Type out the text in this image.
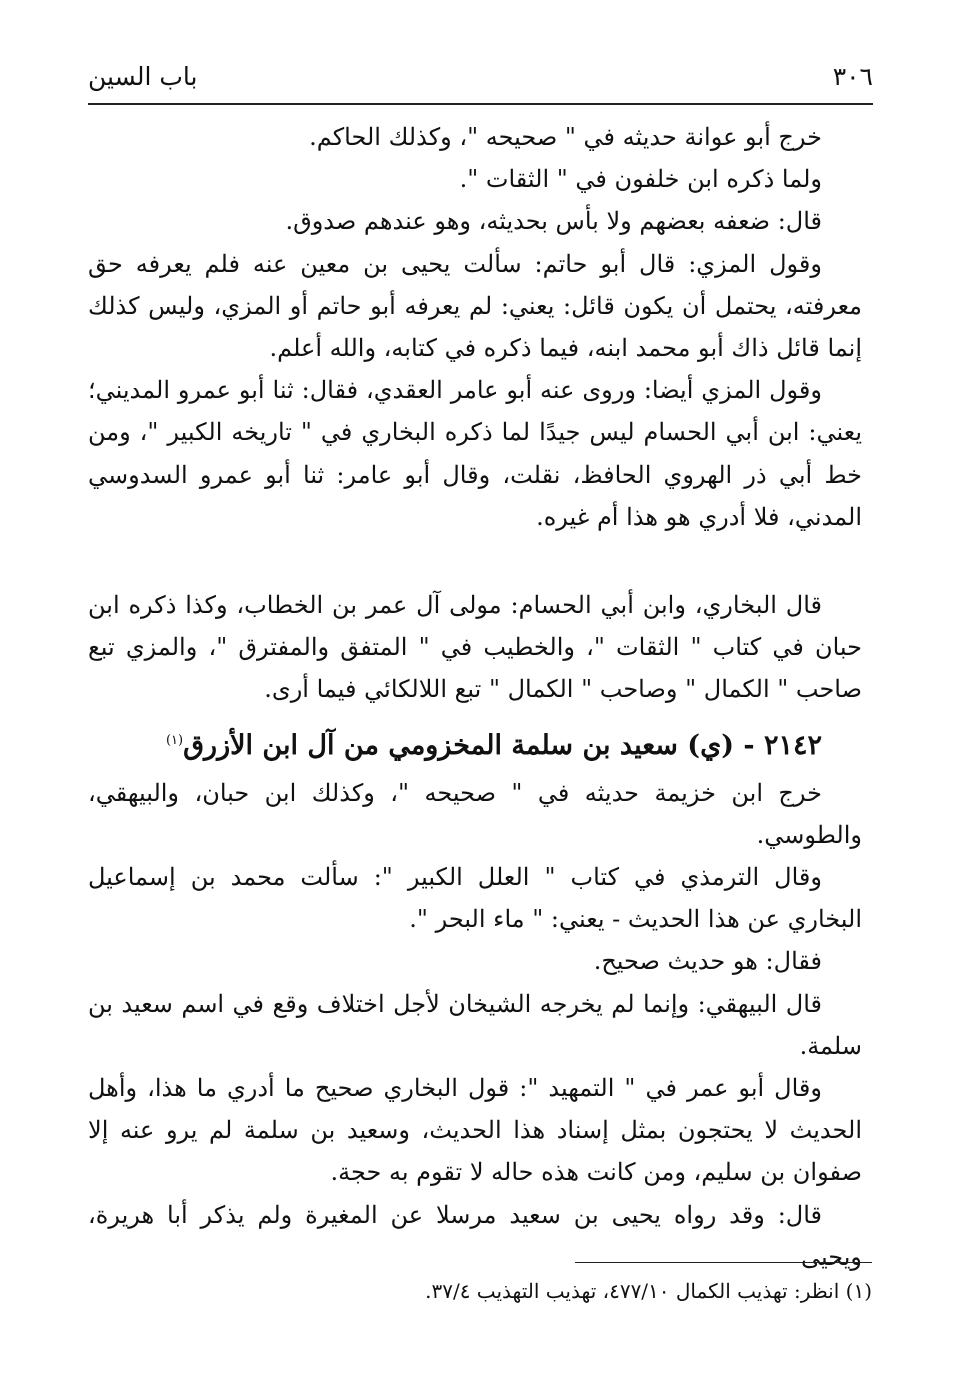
٣٠٦
باب السين

خرج أبو عوانة حديثه في " صحيحه "، وكذلك الحاكم.

ولما ذكره ابن خلفون في " الثقات ".

قال: ضعفه بعضهم ولا بأس بحديثه، وهو عندهم صدوق.

وقول المزي: قال أبو حاتم: سألت يحيى بن معين عنه فلم يعرفه حق معرفته، يحتمل أن يكون قائل: يعني: لم يعرفه أبو حاتم أو المزي، وليس كذلك إنما قائل ذاك أبو محمد ابنه، فيما ذكره في كتابه، والله أعلم.

وقول المزي أيضا: وروى عنه أبو عامر العقدي، فقال: ثنا أبو عمرو المديني؛ يعني: ابن أبي الحسام ليس جيدًا لما ذكره البخاري في " تاريخه الكبير "، ومن خط أبي ذر الهروي الحافظ، نقلت، وقال أبو عامر: ثنا أبو عمرو السدوسي المدني، فلا أدري هو هذا أم غيره.

قال البخاري، وابن أبي الحسام: مولى آل عمر بن الخطاب، وكذا ذكره ابن حبان في كتاب " الثقات "، والخطيب في " المتفق والمفترق "، والمزي تبع صاحب " الكمال " وصاحب " الكمال " تبع اللالكائي فيما أرى.

٢١٤٢ - (ي) سعيد بن سلمة المخزومي من آل ابن الأزرق$^{(١)}$

خرج ابن خزيمة حديثه في " صحيحه "، وكذلك ابن حبان، والبيهقي، والطوسي.

وقال الترمذي في كتاب " العلل الكبير ": سألت محمد بن إسماعيل البخاري عن هذا الحديث - يعني: " ماء البحر ".

فقال: هو حديث صحيح.

قال البيهقي: وإنما لم يخرجه الشيخان لأجل اختلاف وقع في اسم سعيد بن سلمة.

وقال أبو عمر في " التمهيد ": قول البخاري صحيح ما أدري ما هذا، وأهل الحديث لا يحتجون بمثل إسناد هذا الحديث، وسعيد بن سلمة لم يرو عنه إلا صفوان بن سليم، ومن كانت هذه حاله لا تقوم به حجة.

قال: وقد رواه يحيى بن سعيد مرسلا عن المغيرة ولم يذكر أبا هريرة، ويحيى

(١) انظر: تهذيب الكمال ٤٧٧/١٠، تهذيب التهذيب ٣٧/٤.
